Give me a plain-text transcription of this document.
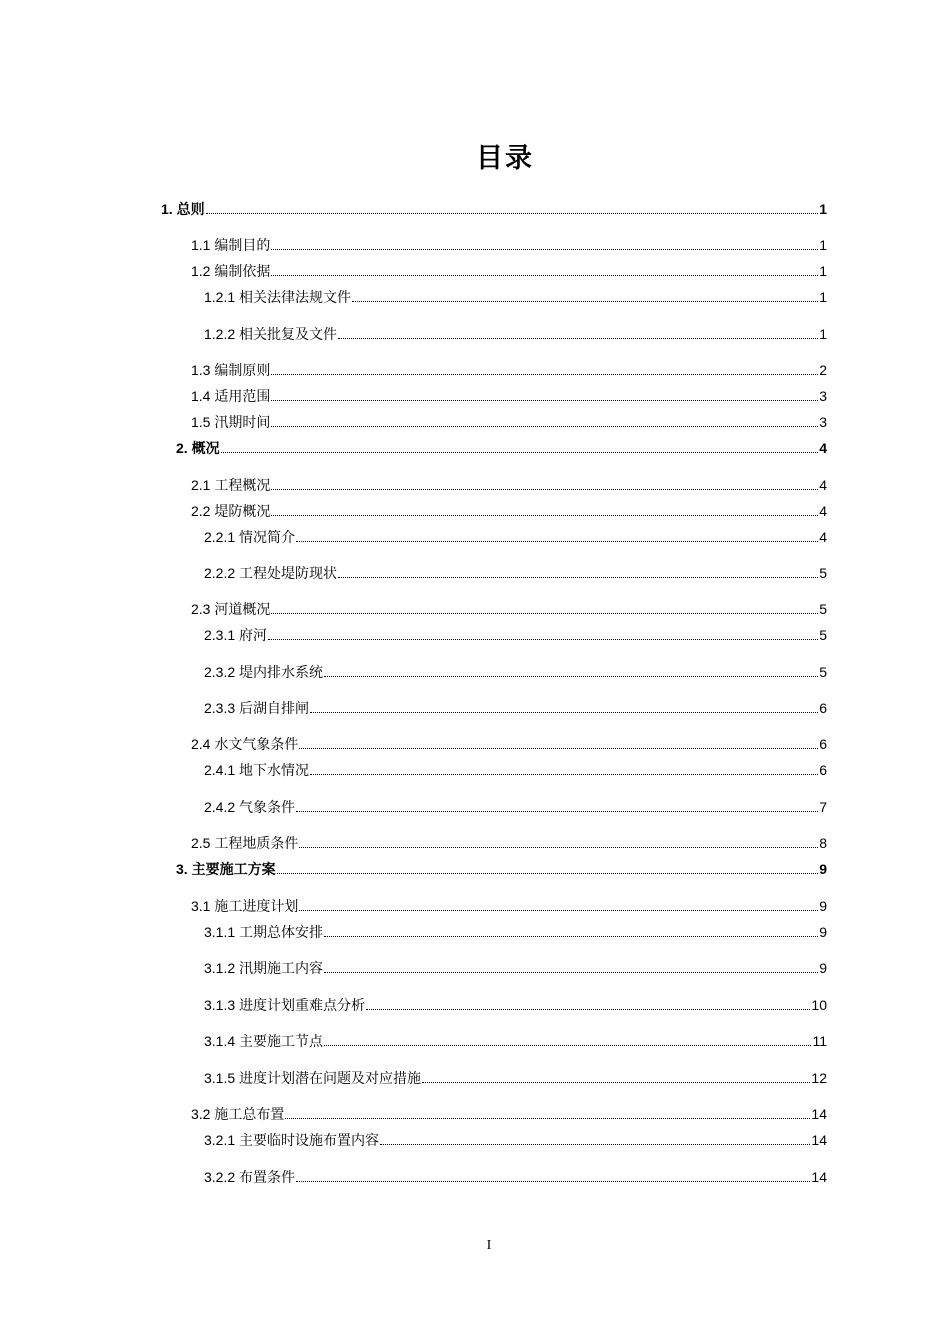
目录
1. 总则	1
1.1 编制目的	1
1.2 编制依据	1
1.2.1 相关法律法规文件	1
1.2.2 相关批复及文件	1
1.3 编制原则	2
1.4 适用范围	3
1.5 汛期时间	3
2. 概况	4
2.1 工程概况	4
2.2 堤防概况	4
2.2.1 情况简介	4
2.2.2 工程处堤防现状	5
2.3 河道概况	5
2.3.1 府河	5
2.3.2 堤内排水系统	5
2.3.3 后湖自排闸	6
2.4 水文气象条件	6
2.4.1 地下水情况	6
2.4.2 气象条件	7
2.5 工程地质条件	8
3. 主要施工方案	9
3.1 施工进度计划	9
3.1.1 工期总体安排	9
3.1.2 汛期施工内容	9
3.1.3 进度计划重难点分析	10
3.1.4 主要施工节点	11
3.1.5 进度计划潜在问题及对应措施	12
3.2 施工总布置	14
3.2.1 主要临时设施布置内容	14
3.2.2 布置条件	14
I
